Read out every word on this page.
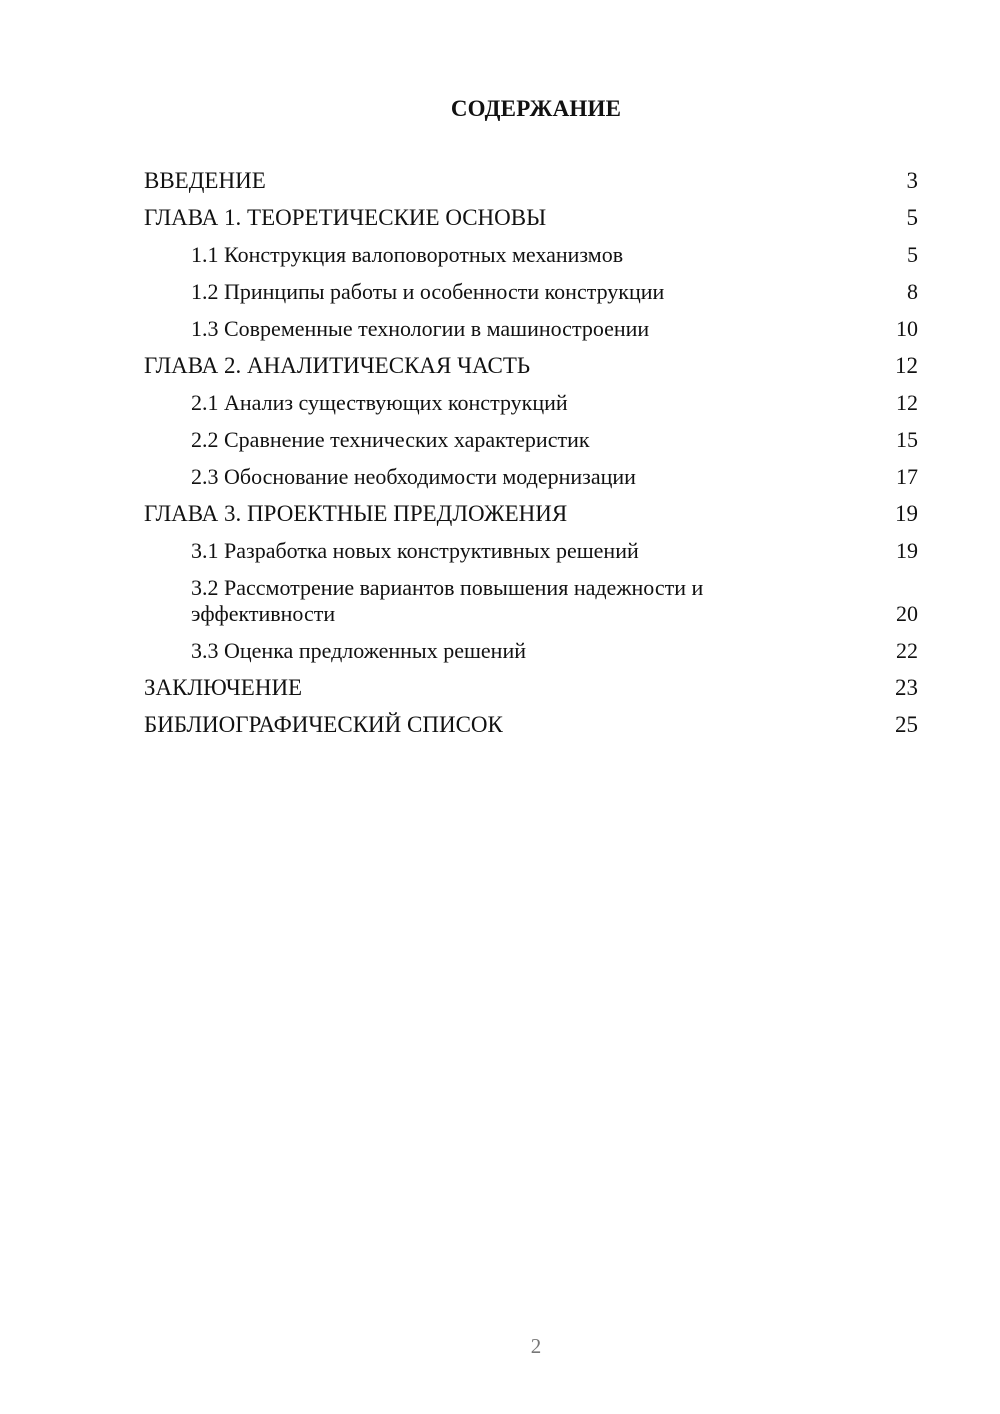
СОДЕРЖАНИЕ
ВВЕДЕНИЕ	3
ГЛАВА 1. ТЕОРЕТИЧЕСКИЕ ОСНОВЫ	5
1.1 Конструкция валоповоротных механизмов	5
1.2 Принципы работы и особенности конструкции	8
1.3 Современные технологии в машиностроении	10
ГЛАВА 2. АНАЛИТИЧЕСКАЯ ЧАСТЬ	12
2.1 Анализ существующих конструкций	12
2.2 Сравнение технических характеристик	15
2.3 Обоснование необходимости модернизации	17
ГЛАВА 3. ПРОЕКТНЫЕ ПРЕДЛОЖЕНИЯ	19
3.1 Разработка новых конструктивных решений	19
3.2 Рассмотрение вариантов повышения надежности и
эффективности	20
3.3 Оценка предложенных решений	22
ЗАКЛЮЧЕНИЕ	23
БИБЛИОГРАФИЧЕСКИЙ СПИСОК	25
2
